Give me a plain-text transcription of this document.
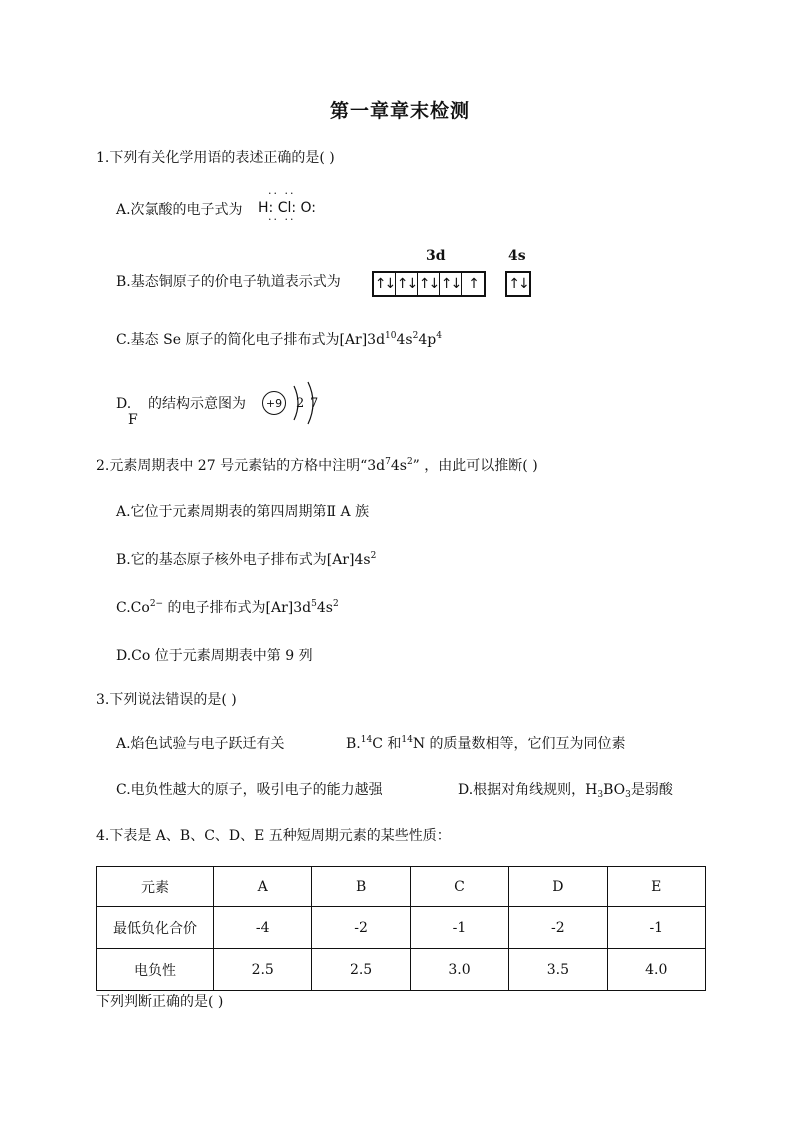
第一章章末检测
1.下列有关化学用语的表述正确的是( )
A.次氯酸的电子式为 H: Cl: O:
·· ··
·· ··
B.基态铜原子的价电子轨道表示式为
3d	4s
↑↓ ↑↓ ↑↓ ↑↓ ↑	↑↓
C.基态 Se 原子的简化电子排布式为$[Ar]3d^{10}4s^24p^4$
D.
F
的结构示意图为	+9 2 7
2.元素周期表中 27 号元素钴的方格中注明“$3d^74s^2$” ，由此可以推断( )
A.它位于元素周期表的第四周期第Ⅱ A 族
B.它的基态原子核外电子排布式为$[Ar]4s^2$
$C.Co^{2-}$ 的电子排布式为$[Ar]3d^54s^2$
D.Co 位于元素周期表中第 9 列
3.下列说法错误的是( )
A.焰色试验与电子跃迁有关	B.$^{14}$C 和$^{14}$N 的质量数相等，它们互为同位素
C.电负性越大的原子，吸引电子的能力越强	D.根据对角线规则，$H_3BO_3$是弱酸
4.下表是 A、B、C、D、E 五种短周期元素的某些性质：
元素	A	B	C	D	E
最低负化合价	-4	-2	-1	-2	-1
电负性	2.5	2.5	3.0	3.5	4.0
下列判断正确的是( )
